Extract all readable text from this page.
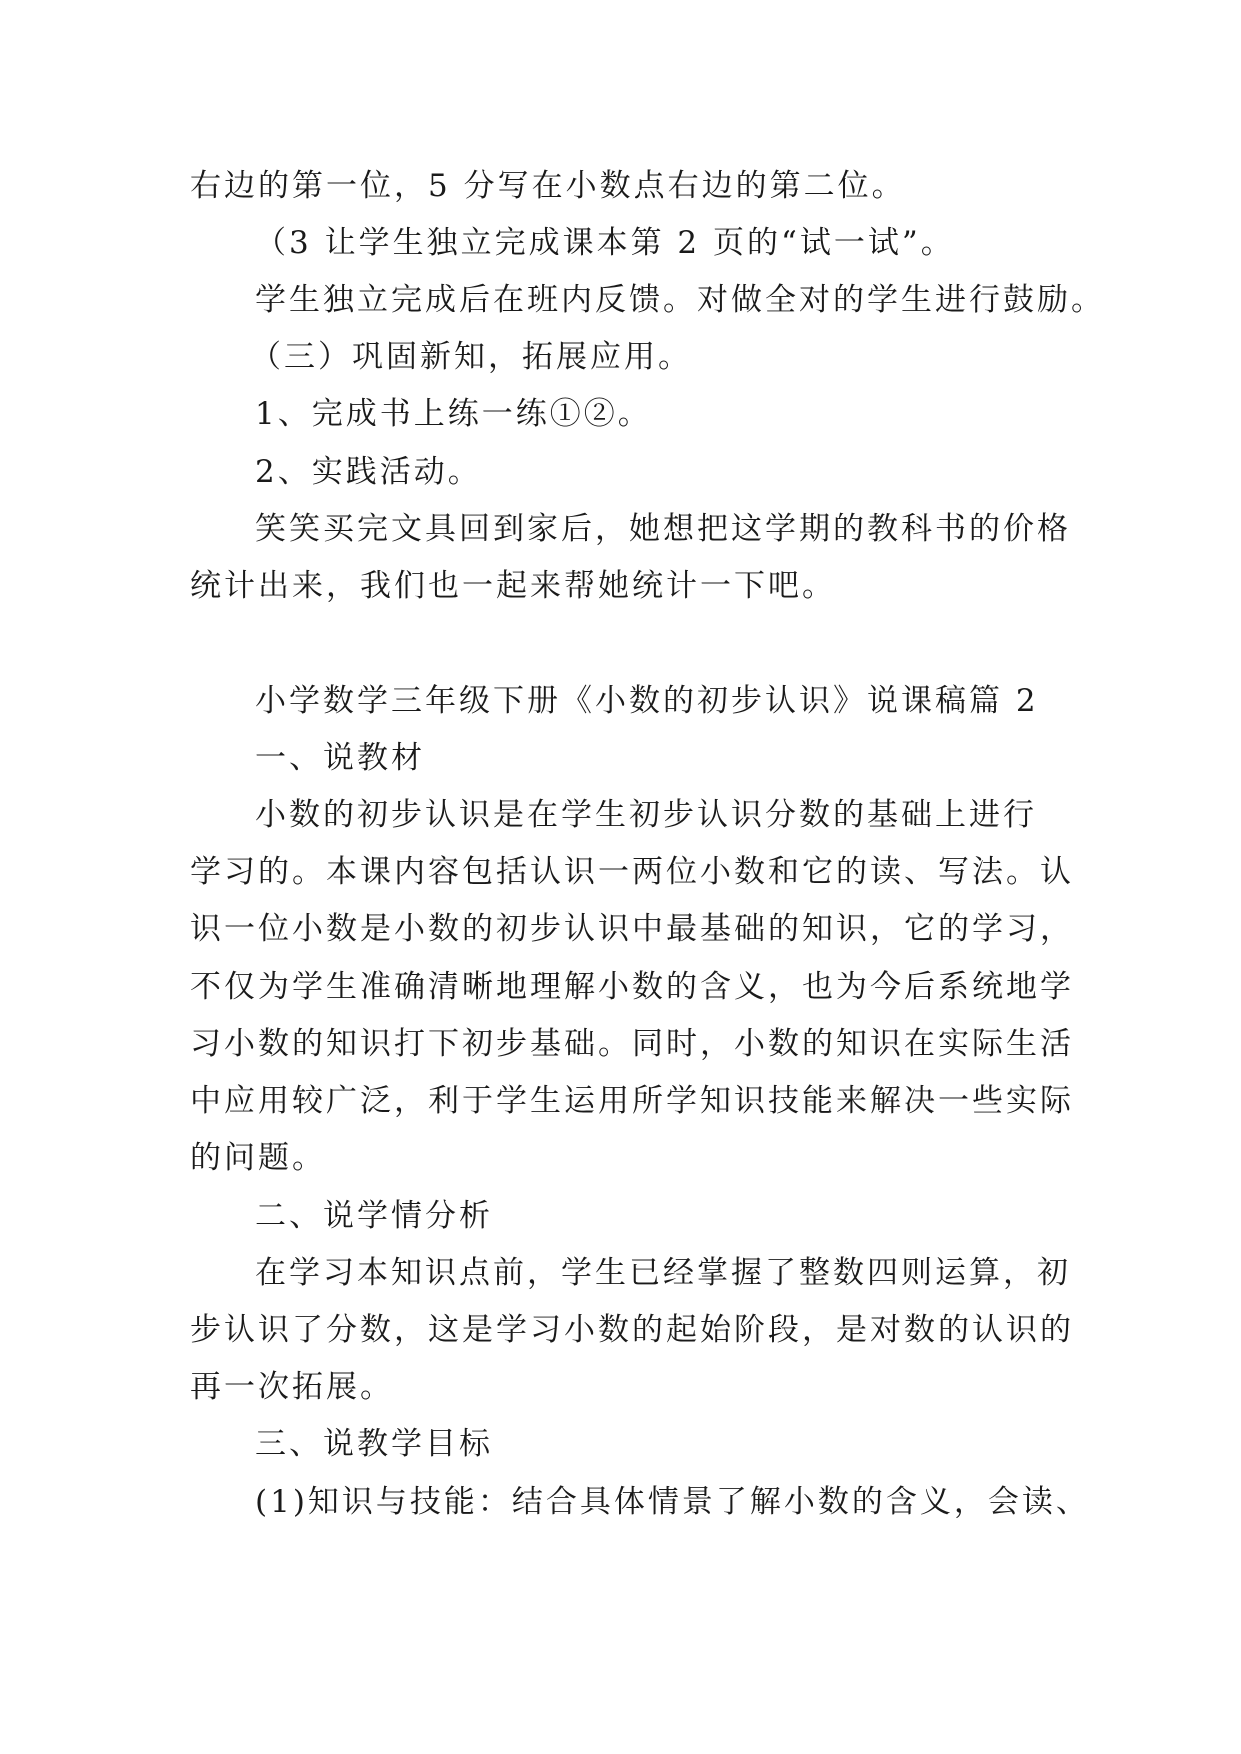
右边的第一位，5 分写在小数点右边的第二位。
（3 让学生独立完成课本第 2 页的“试一试”。
学生独立完成后在班内反馈。对做全对的学生进行鼓励。
（三）巩固新知，拓展应用。
1、完成书上练一练①②。
2、实践活动。
笑笑买完文具回到家后，她想把这学期的教科书的价格
统计出来，我们也一起来帮她统计一下吧。
小学数学三年级下册《小数的初步认识》说课稿篇 2
一、说教材
小数的初步认识是在学生初步认识分数的基础上进行
学习的。本课内容包括认识一两位小数和它的读、写法。认
识一位小数是小数的初步认识中最基础的知识，它的学习，
不仅为学生准确清晰地理解小数的含义，也为今后系统地学
习小数的知识打下初步基础。同时，小数的知识在实际生活
中应用较广泛，利于学生运用所学知识技能来解决一些实际
的问题。
二、说学情分析
在学习本知识点前，学生已经掌握了整数四则运算，初
步认识了分数，这是学习小数的起始阶段，是对数的认识的
再一次拓展。
三、说教学目标
(1)知识与技能：结合具体情景了解小数的含义，会读、
